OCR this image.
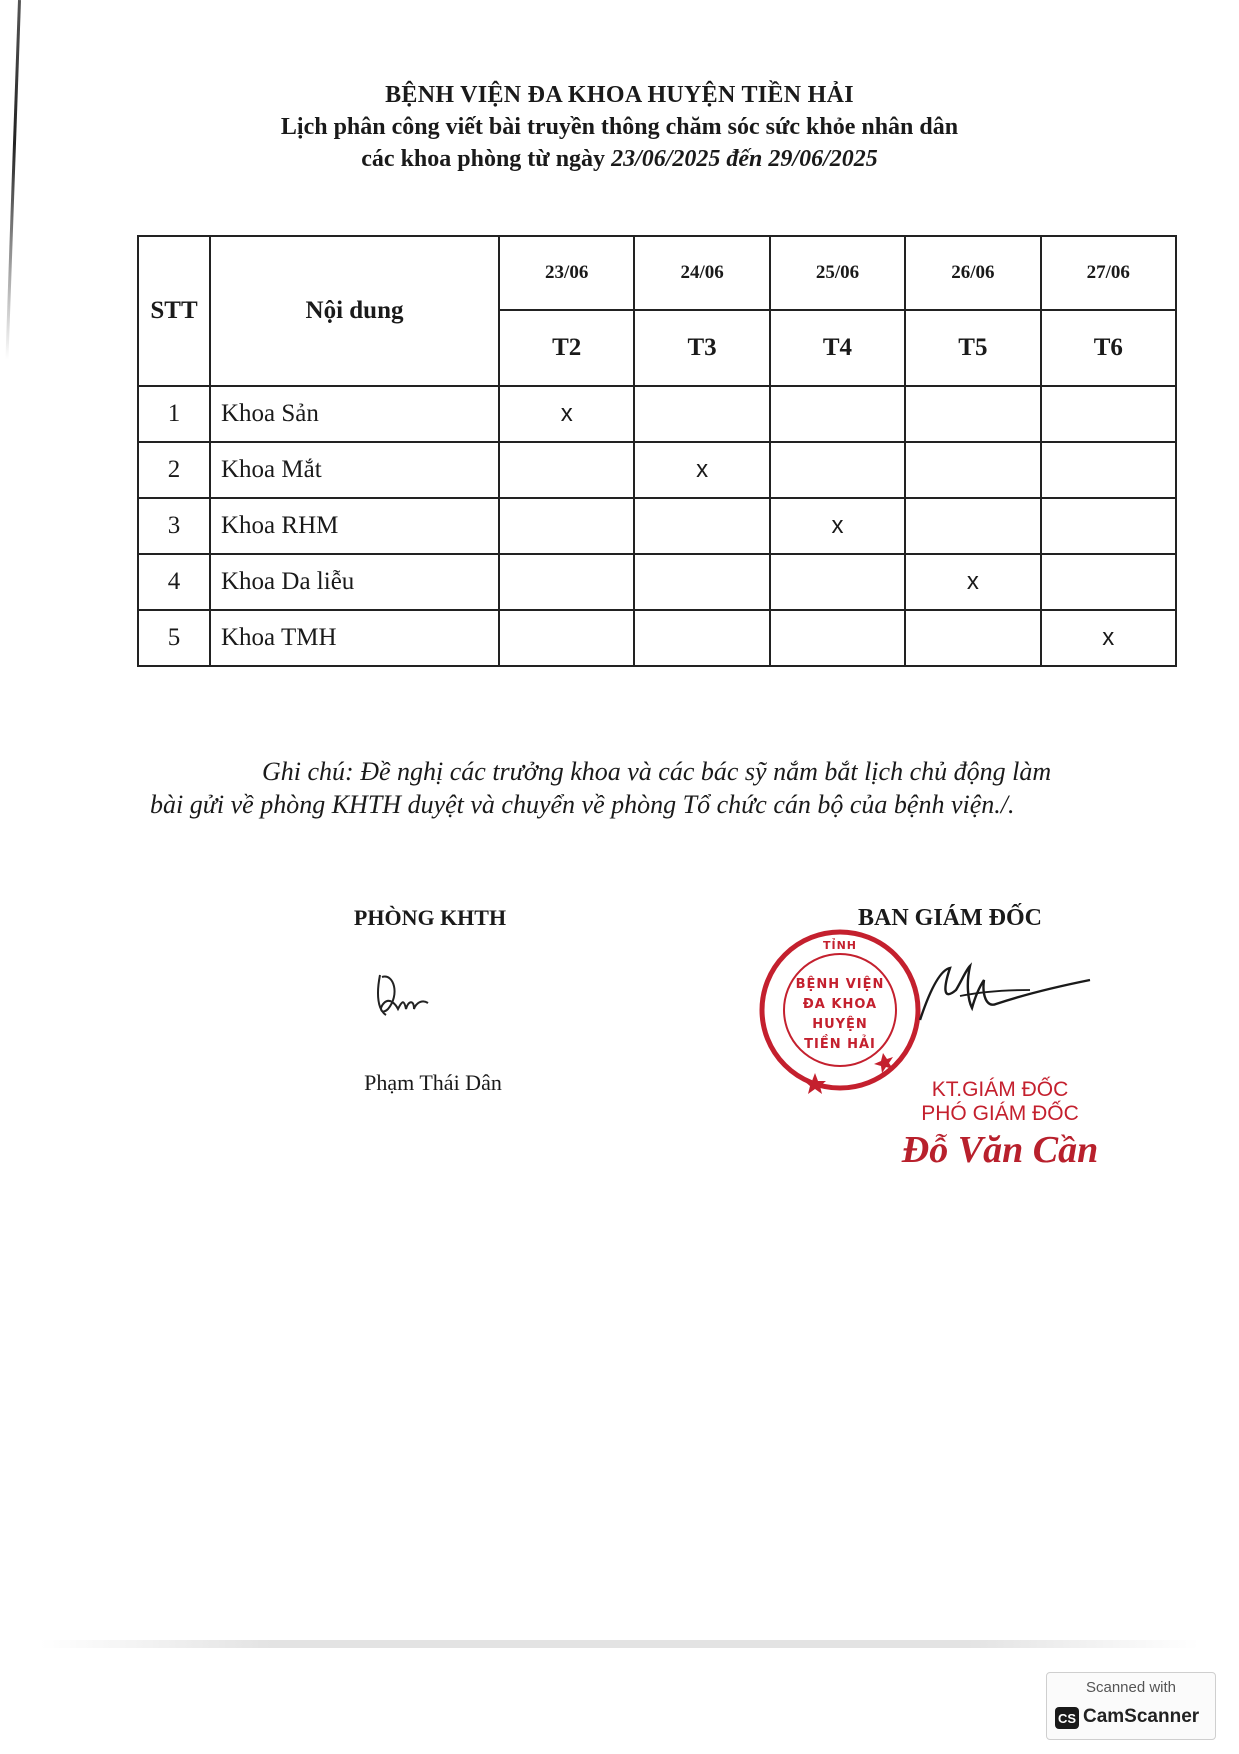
BỆNH VIỆN ĐA KHOA HUYỆN TIỀN HẢI
Lịch phân công viết bài truyền thông chăm sóc sức khỏe nhân dân
các khoa phòng từ ngày 23/06/2025 đến 29/06/2025
STT	Nội dung	23/06	24/06	25/06	26/06	27/06
		T2	T3	T4	T5	T6
1	Khoa Sản	x				
2	Khoa Mắt		x			
3	Khoa RHM			x		
4	Khoa Da liễu				x	
5	Khoa TMH					x
Ghi chú: Đề nghị các trưởng khoa và các bác sỹ nắm bắt lịch chủ động làm
bài gửi về phòng KHTH duyệt và chuyển về phòng Tổ chức cán bộ của bệnh viện./.
PHÒNG KHTH
Phạm Thái Dân
BAN GIÁM ĐỐC
TỈNH
BỆNH VIỆN
ĐA KHOA
HUYỆN
TIỀN HẢI
KT.GIÁM ĐỐC
PHÓ GIÁM ĐỐC
Đỗ Văn Cần
Scanned with
CS CamScanner
